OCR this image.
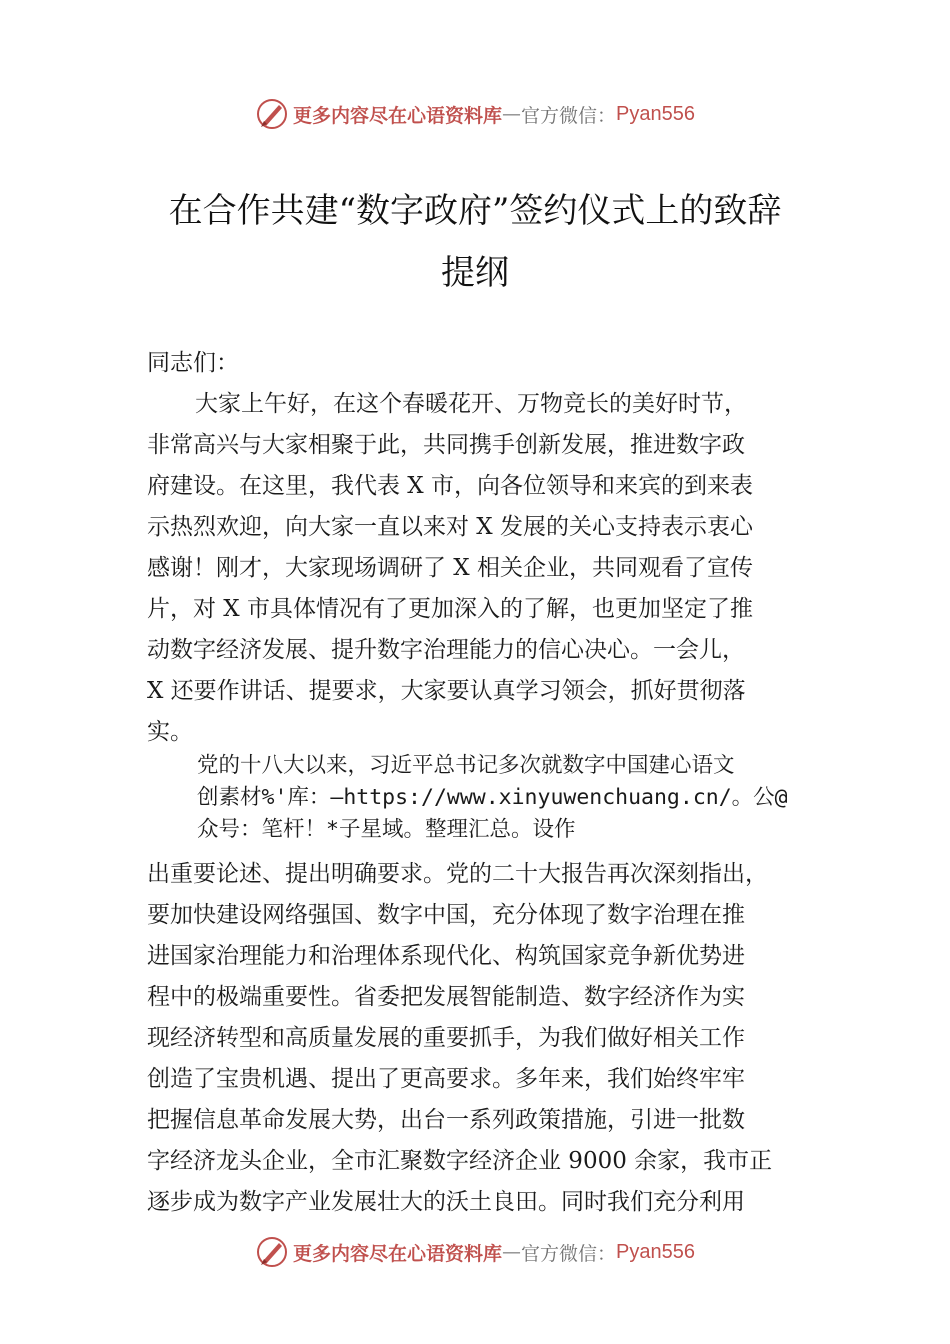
更多内容尽在心语资料库 — 官方微信： Pyan556
在合作共建“数字政府”签约仪式上的致辞
提纲
同志们：
大家上午好，在这个春暖花开、万物竞长的美好时节，
非常高兴与大家相聚于此，共同携手创新发展，推进数字政
府建设。在这里，我代表 X 市，向各位领导和来宾的到来表
示热烈欢迎，向大家一直以来对 X 发展的关心支持表示衷心
感谢！刚才，大家现场调研了 X 相关企业，共同观看了宣传
片，对 X 市具体情况有了更加深入的了解，也更加坚定了推
动数字经济发展、提升数字治理能力的信心决心。一会儿，
X 还要作讲话、提要求，大家要认真学习领会，抓好贯彻落
实。
党的十八大以来，习近平总书记多次就数字中国建心语文
创素材%'库：—https://www.xinyuwenchuang.cn/。公@
众号：笔杆！*子星域。整理汇总。设作
出重要论述、提出明确要求。党的二十大报告再次深刻指出，
要加快建设网络强国、数字中国，充分体现了数字治理在推
进国家治理能力和治理体系现代化、构筑国家竞争新优势进
程中的极端重要性。省委把发展智能制造、数字经济作为实
现经济转型和高质量发展的重要抓手，为我们做好相关工作
创造了宝贵机遇、提出了更高要求。多年来，我们始终牢牢
把握信息革命发展大势，出台一系列政策措施，引进一批数
字经济龙头企业，全市汇聚数字经济企业 9000 余家，我市正
逐步成为数字产业发展壮大的沃土良田。同时我们充分利用
更多内容尽在心语资料库 — 官方微信： Pyan556
